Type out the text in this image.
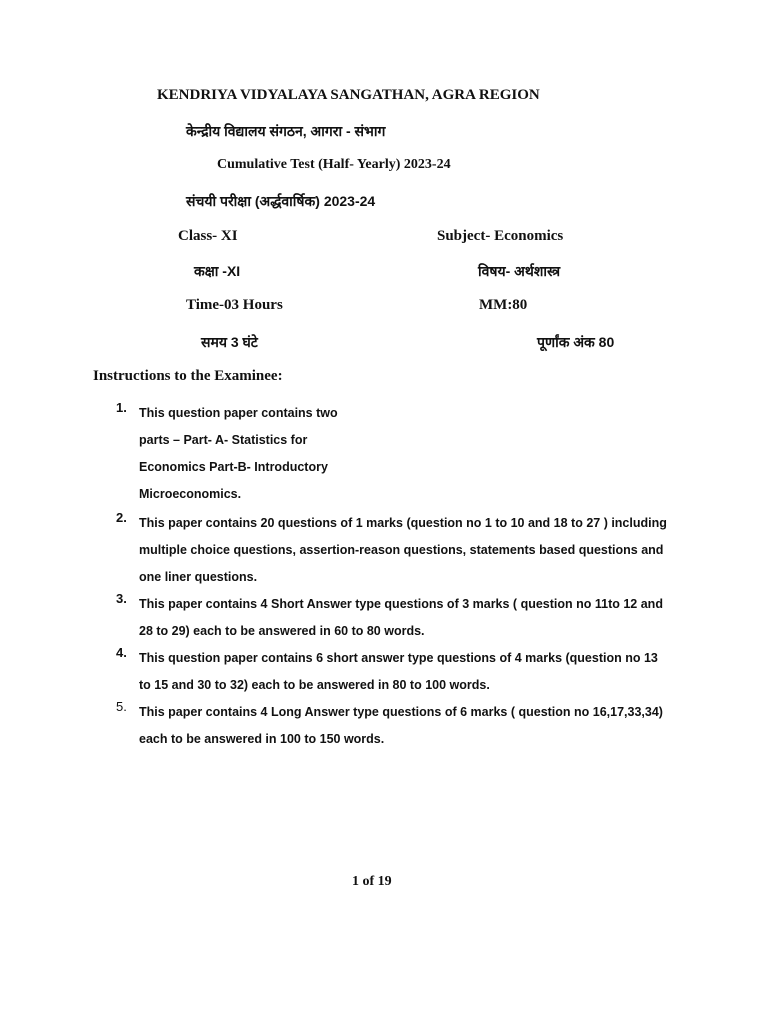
KENDRIYA VIDYALAYA SANGATHAN, AGRA REGION
केन्द्रीय विद्यालय संगठन, आगरा - संभाग
Cumulative Test (Half- Yearly) 2023-24
संचयी परीक्षा (अर्द्धवार्षिक) 2023-24
Class- XI	Subject- Economics
कक्षा -XI	विषय- अर्थशास्त्र
Time-03 Hours	MM:80
समय 3 घंटे	पूर्णांक अंक 80
Instructions to the Examinee:
1. This question paper contains two parts – Part- A- Statistics for Economics Part-B- Introductory Microeconomics.
2. This paper contains 20 questions of 1 marks (question no 1 to 10 and 18 to 27 ) including multiple choice questions, assertion-reason questions, statements based questions and one liner questions.
3. This paper contains 4 Short Answer type questions of 3 marks ( question no 11to 12 and 28 to 29) each to be answered in 60 to 80 words.
4. This question paper contains 6 short answer type questions of 4 marks (question no 13 to 15 and 30 to 32) each to be answered in 80 to 100 words.
5. This paper contains 4 Long Answer type questions of 6 marks ( question no 16,17,33,34) each to be answered in 100 to 150 words.
1 of 19
